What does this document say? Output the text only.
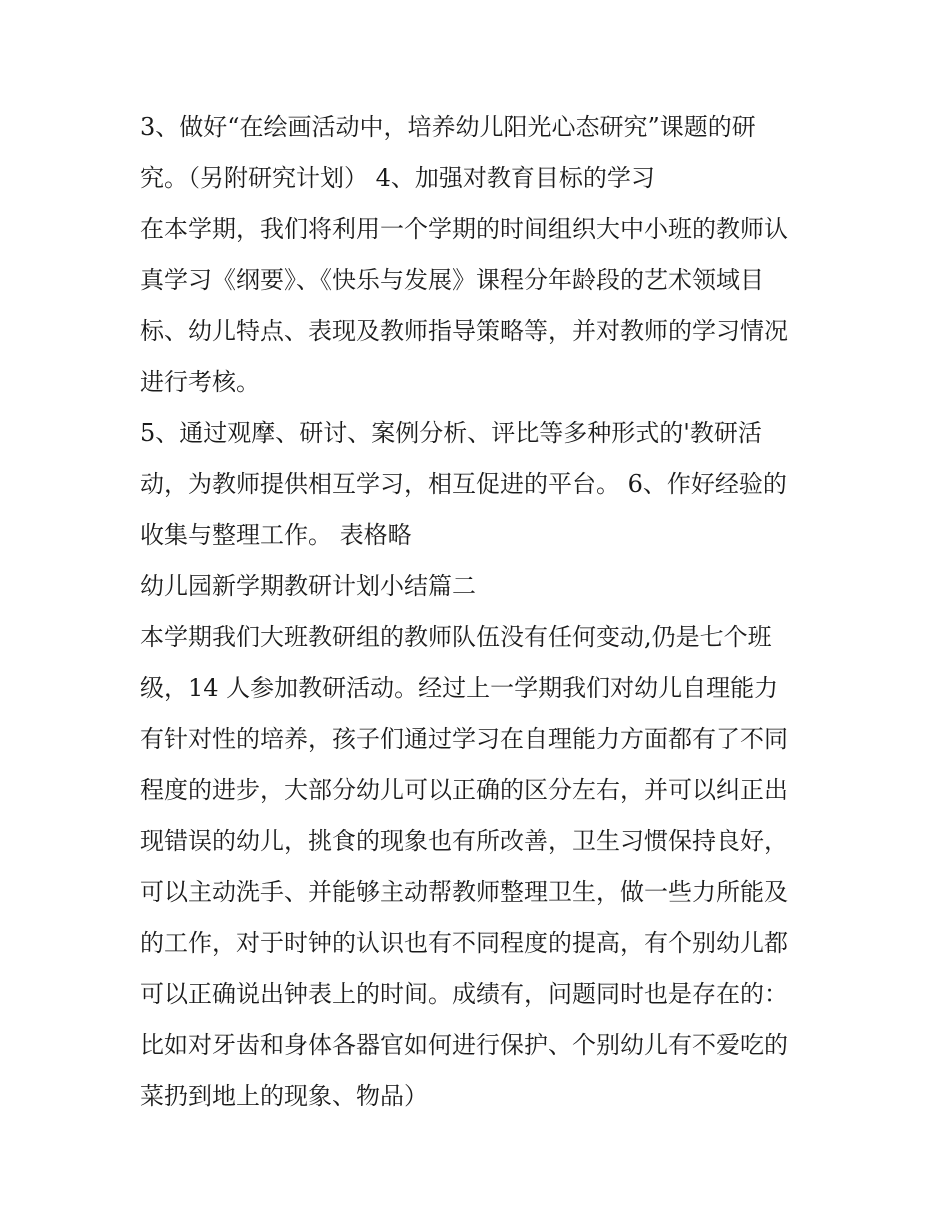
3、做好“在绘画活动中，培养幼儿阳光心态研究”课题的研
究。（另附研究计划） 4、加强对教育目标的学习
在本学期，我们将利用一个学期的时间组织大中小班的教师认
真学习《纲要》、《快乐与发展》课程分年龄段的艺术领域目
标、幼儿特点、表现及教师指导策略等，并对教师的学习情况
进行考核。
5、通过观摩、研讨、案例分析、评比等多种形式的'教研活
动，为教师提供相互学习，相互促进的平台。 6、作好经验的
收集与整理工作。 表格略
幼儿园新学期教研计划小结篇二
本学期我们大班教研组的教师队伍没有任何变动,仍是七个班
级，14 人参加教研活动。经过上一学期我们对幼儿自理能力
有针对性的培养，孩子们通过学习在自理能力方面都有了不同
程度的进步，大部分幼儿可以正确的区分左右，并可以纠正出
现错误的幼儿，挑食的现象也有所改善，卫生习惯保持良好，
可以主动洗手、并能够主动帮教师整理卫生，做一些力所能及
的工作，对于时钟的认识也有不同程度的提高，有个别幼儿都
可以正确说出钟表上的时间。成绩有，问题同时也是存在的：
比如对牙齿和身体各器官如何进行保护、个别幼儿有不爱吃的
菜扔到地上的现象、物品）
